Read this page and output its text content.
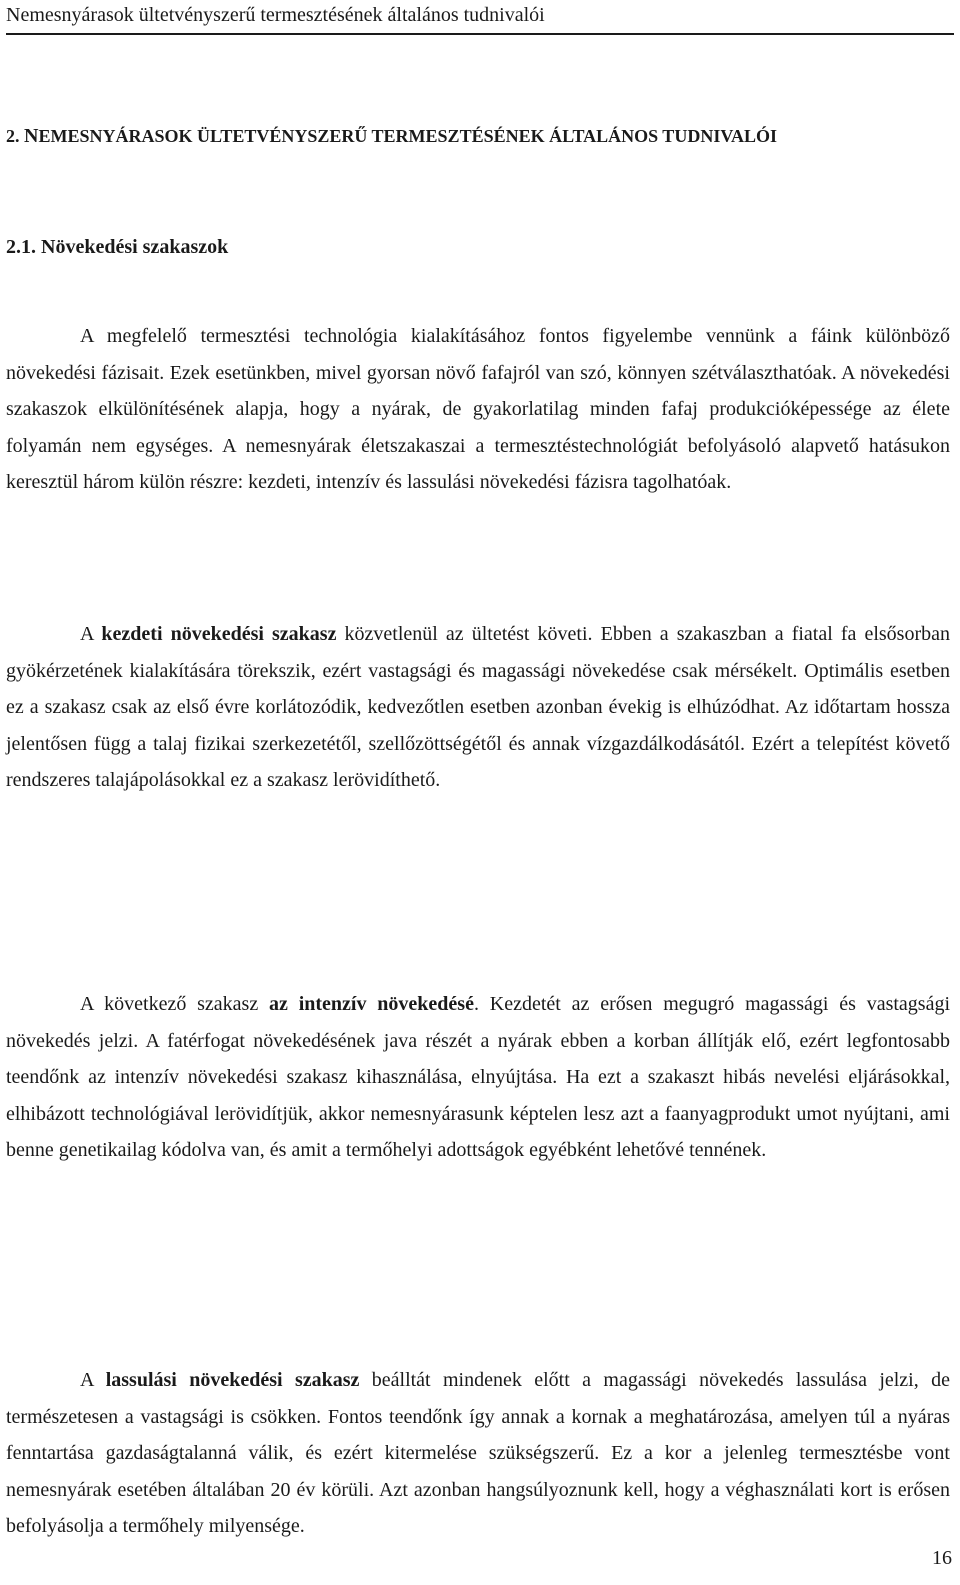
Nemesnyárasok ültetvényszerű termesztésének általános tudnivalói
2. NEMESNYÁRASOK ÜLTETVÉNYSZERŰ TERMESZTÉSÉNEK ÁLTALÁNOS TUDNIVALÓI
2.1. Növekedési szakaszok

A megfelelő termesztési technológia kialakításához fontos figyelembe vennünk a fáink különböző növekedési fázisait. Ezek esetünkben, mivel gyorsan növő fafajról van szó, könnyen szétválaszthatóak. A növekedési szakaszok elkülönítésének alapja, hogy a nyárak, de gyakorlatilag minden fafaj produkcióképessége az élete folyamán nem egységes. A nemesnyárak életszakaszai a termesztéstechnológiát befolyásoló alapvető hatásukon keresztül három külön részre: kezdeti, intenzív és lassulási növekedési fázisra tagolhatóak.

A kezdeti növekedési szakasz közvetlenül az ültetést követi. Ebben a szakaszban a fiatal fa elsősorban gyökérzetének kialakítására törekszik, ezért vastagsági és magassági növekedése csak mérsékelt. Optimális esetben ez a szakasz csak az első évre korlátozódik, kedvezőtlen esetben azonban évekig is elhúzódhat. Az időtartam hossza jelentősen függ a talaj fizikai szerkezetétől, szellőzöttségétől és annak vízgazdálkodásától. Ezért a telepítést követő rendszeres talajápolásokkal ez a szakasz lerövidíthető.

A következő szakasz az intenzív növekedésé. Kezdetét az erősen megugró magassági és vastagsági növekedés jelzi. A fatérfogat növekedésének java részét a nyárak ebben a korban állítják elő, ezért legfontosabb teendőnk az intenzív növekedési szakasz kihasználása, elnyújtása. Ha ezt a szakaszt hibás nevelési eljárásokkal, elhibázott technológiával lerövidítjük, akkor nemesnyárasunk képtelen lesz azt a faanyagprodukt umot nyújtani, ami benne genetikailag kódolva van, és amit a termőhelyi adottságok egyébként lehetővé tennének.

A lassulási növekedési szakasz beálltát mindenek előtt a magassági növekedés lassulása jelzi, de természetesen a vastagsági is csökken. Fontos teendőnk így annak a kornak a meghatározása, amelyen túl a nyáras fenntartása gazdaságtalanná válik, és ezért kitermelése szükségszerű. Ez a kor a jelenleg termesztésbe vont nemesnyárak esetében általában 20 év körüli. Azt azonban hangsúlyoznunk kell, hogy a véghasználati kort is erősen befolyásolja a termőhely milyensége.

16
